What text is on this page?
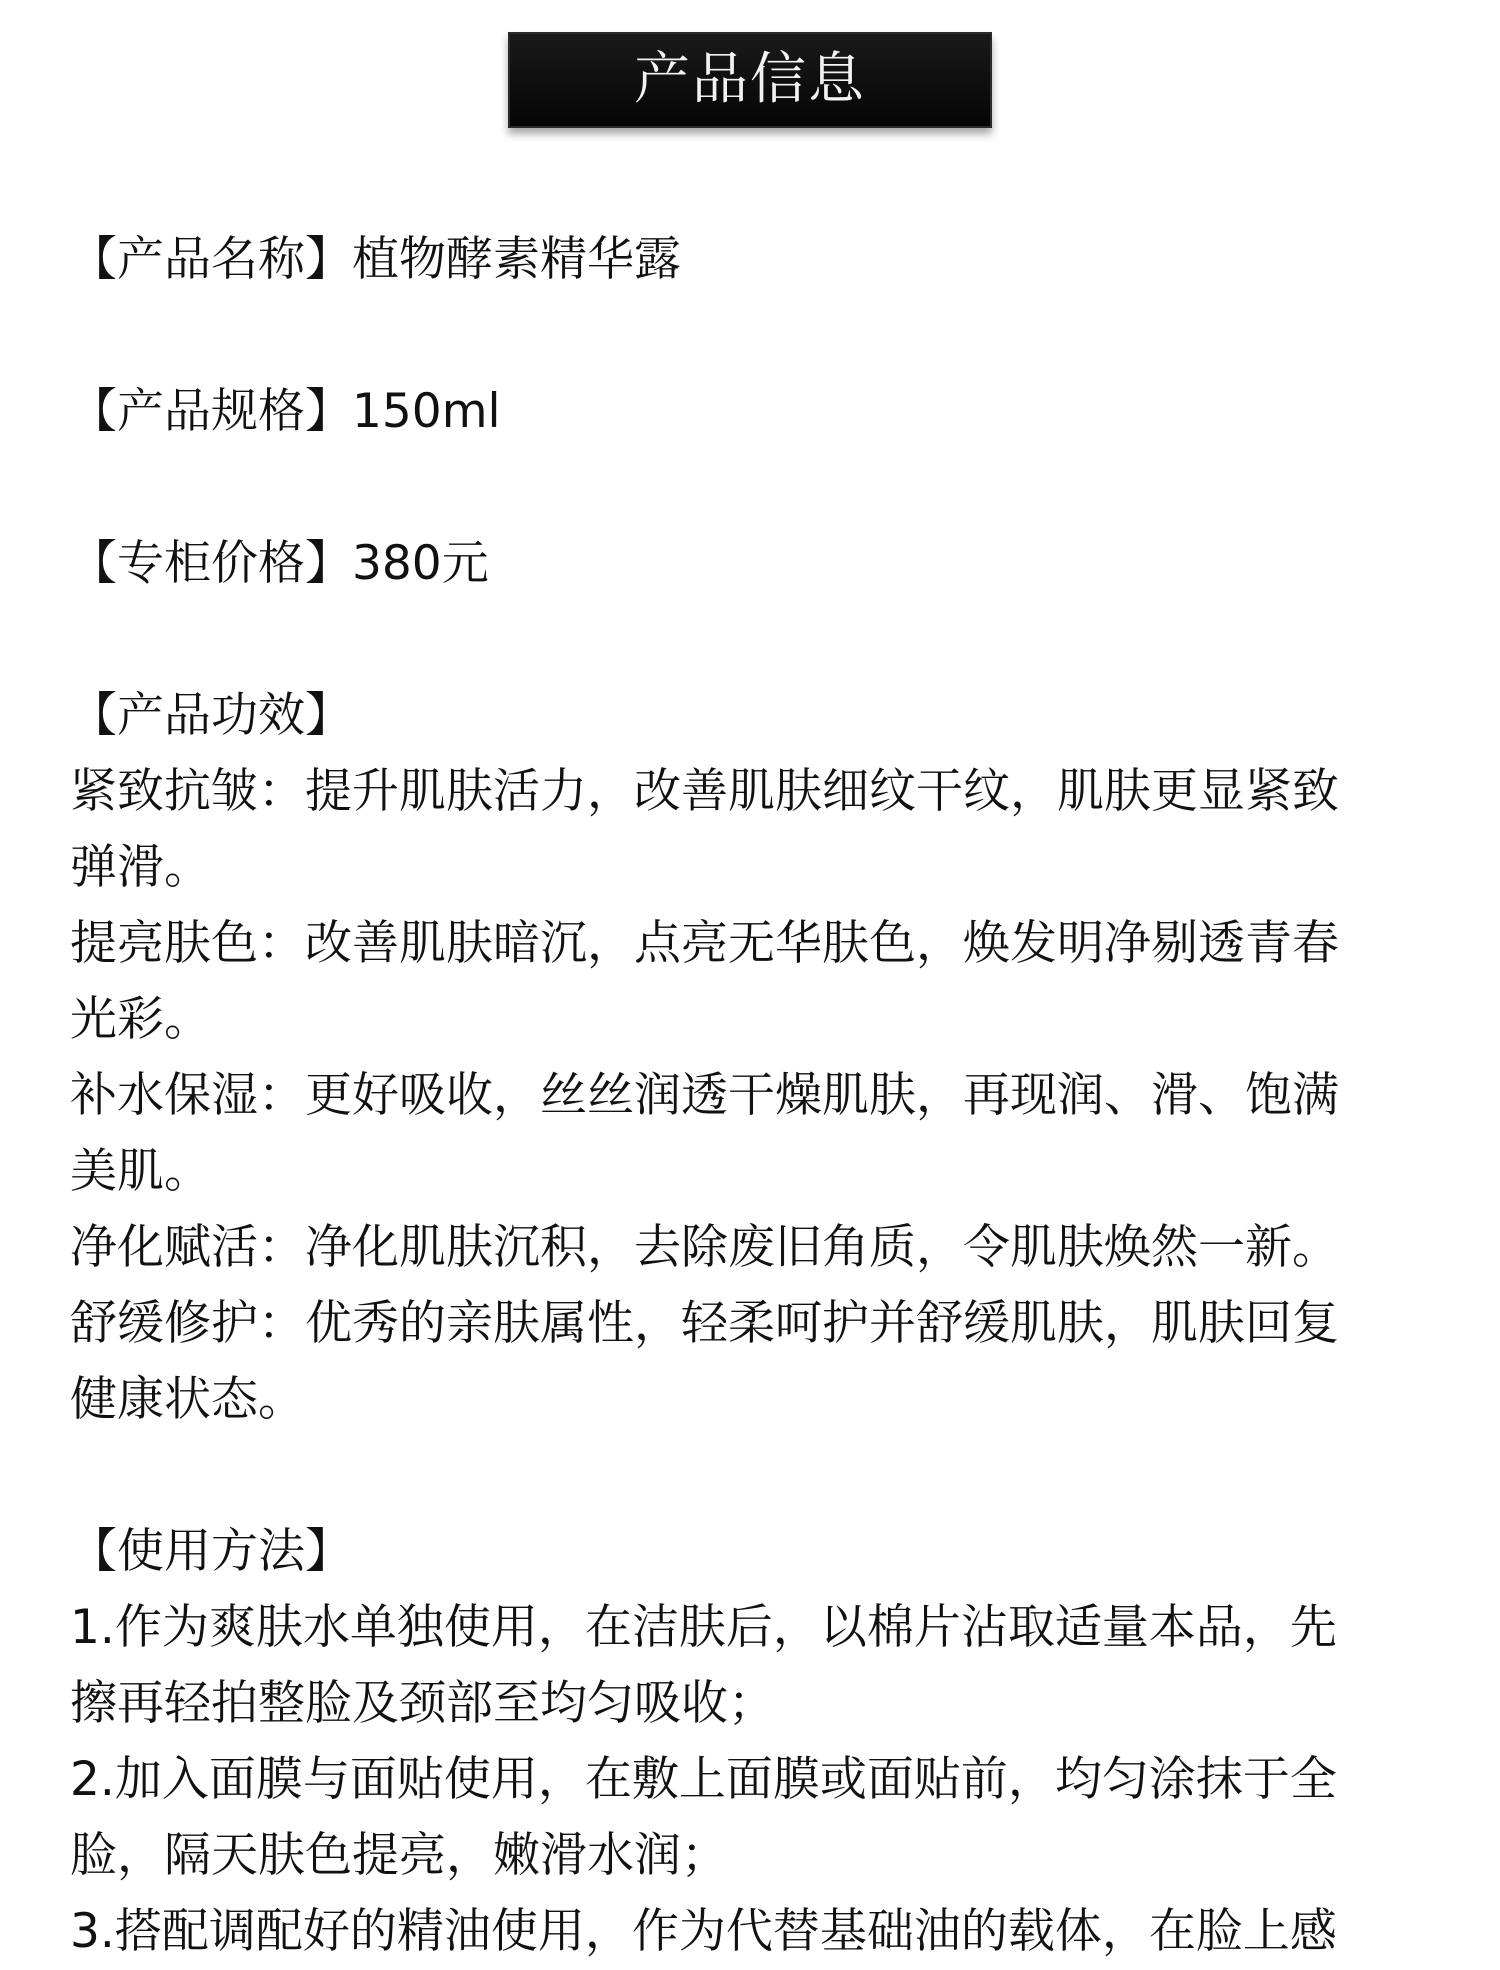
产品信息

【产品名称】植物酵素精华露

【产品规格】150ml

【专柜价格】380元

【产品功效】

紧致抗皱：提升肌肤活力，改善肌肤细纹干纹，肌肤更显紧致

弹滑。

提亮肤色：改善肌肤暗沉，点亮无华肤色，焕发明净剔透青春

光彩。

补水保湿：更好吸收，丝丝润透干燥肌肤，再现润、滑、饱满

美肌。

净化赋活：净化肌肤沉积，去除废旧角质，令肌肤焕然一新。

舒缓修护：优秀的亲肤属性，轻柔呵护并舒缓肌肤，肌肤回复

健康状态。

【使用方法】

1.作为爽肤水单独使用，在洁肤后，以棉片沾取适量本品，先

擦再轻拍整脸及颈部至均匀吸收；

2.加入面膜与面贴使用，在敷上面膜或面贴前，均匀涂抹于全

脸，隔天肤色提亮，嫩滑水润；

3.搭配调配好的精油使用，作为代替基础油的载体，在脸上感
